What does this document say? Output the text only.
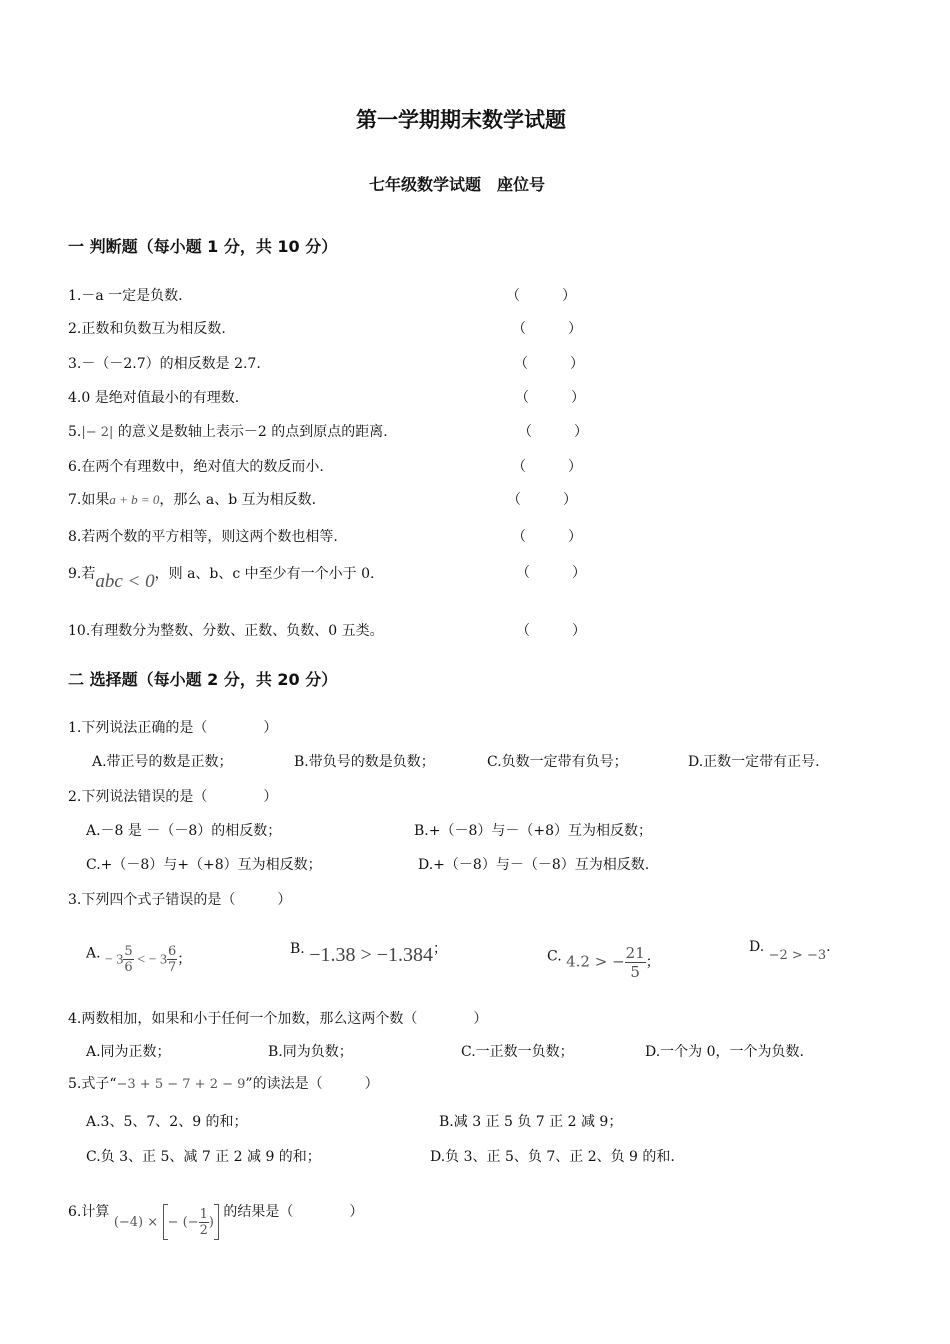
第一学期期末数学试题
七年级数学试题　座位号
一 判断题（每小题 1 分，共 10 分）
1.－a 一定是负数.	（　　　）
2.正数和负数互为相反数.	（　　　）
3.－（－2.7）的相反数是 2.7.	（　　　）
4.0 是绝对值最小的有理数.	（　　　）
5.|− 2| 的意义是数轴上表示－2 的点到原点的距离.	（　　　）
6.在两个有理数中，绝对值大的数反而小.	（　　　）
7.如果a + b = 0，那么 a、b 互为相反数.	（　　　）
8.若两个数的平方相等，则这两个数也相等.	（　　　）
9.若abc < 0，则 a、b、c 中至少有一个小于 0.	（　　　）
10.有理数分为整数、分数、正数、负数、0 五类。	（　　　）
二 选择题（每小题 2 分，共 20 分）
1.下列说法正确的是（　　　　）
A.带正号的数是正数；	B.带负号的数是负数；	C.负数一定带有负号；	D.正数一定带有正号.
2.下列说法错误的是（　　　　）
A.－8 是 －（－8）的相反数；	B.+（－8）与－（+8）互为相反数；
C.+（－8）与+（+8）互为相反数；	D.+（－8）与－（－8）互为相反数.
3.下列四个式子错误的是（　　　）
A. − $3 \frac{5}{6}$ < − $3 \frac{6}{7}$ ；
B. −1.38 > −1.384；	C. 4.2 > − $\frac{21}{5}$ ；
D. −2 > −3.
4.两数相加，如果和小于任何一个加数，那么这两个数（　　　　）
A.同为正数；	B.同为负数；	C.一正数一负数；	D.一个为 0，一个为负数.
5.式子“−3 + 5 − 7 + 2 − 9”的读法是（　　　）
A.3、5、7、2、9 的和；	B.减 3 正 5 负 7 正 2 减 9；
C.负 3、正 5、减 7 正 2 减 9 的和；	D.负 3、正 5、负 7、正 2、负 9 的和.
6.计算 (−4) × − (− $\frac{1}{2}$ ) 的结果是（　　　　）
